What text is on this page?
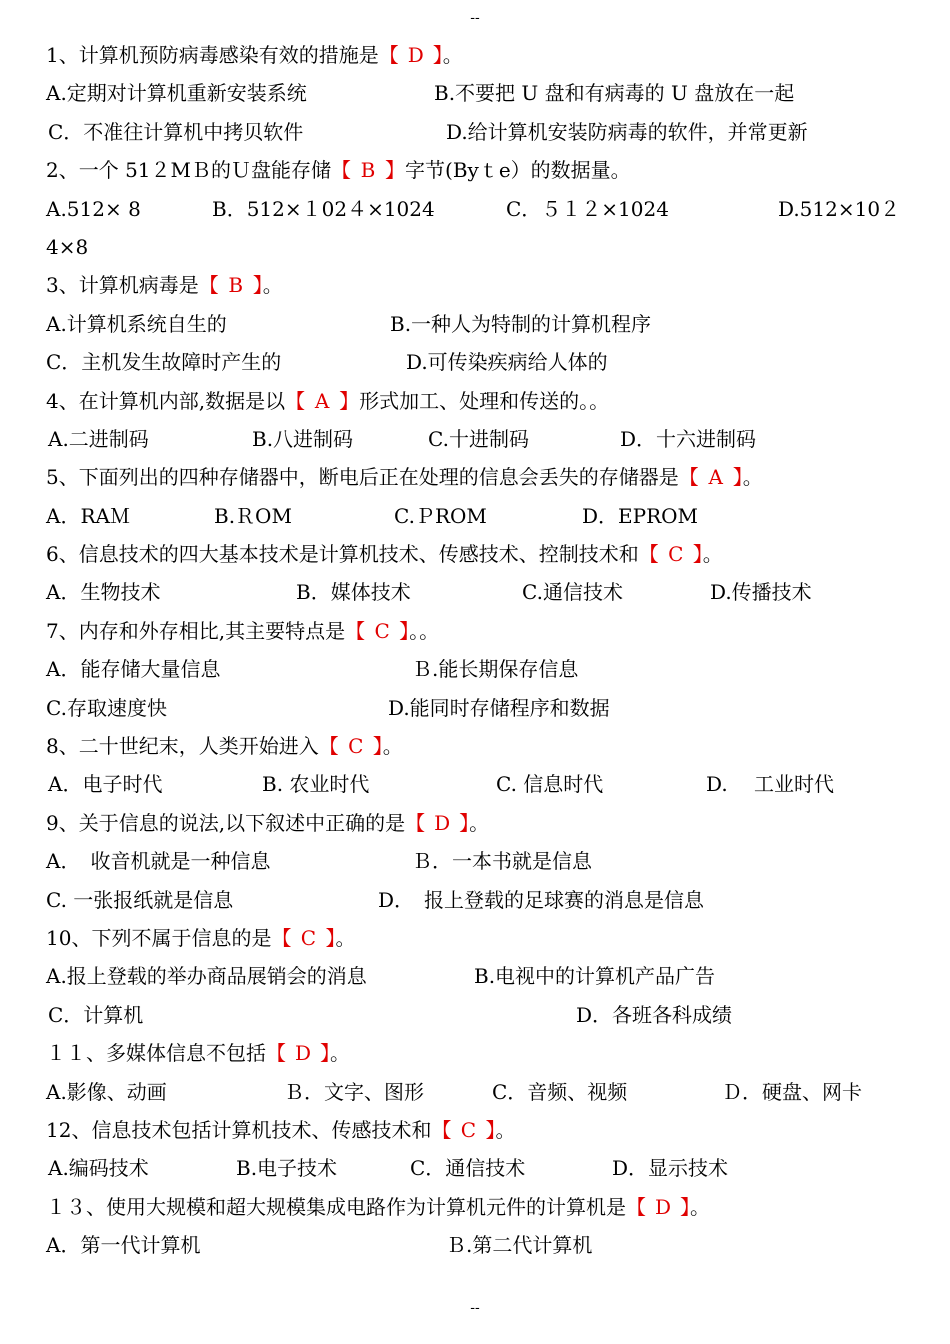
--
1、计算机预防病毒感染有效的措施是【 D 】。
A.定期对计算机重新安装系统	B.不要把 U 盘和有病毒的 U 盘放在一起
C．不准往计算机中拷贝软件	D.给计算机安装防病毒的软件，并常更新
2、一个 51２MＢ的Ｕ盘能存储【 B 】字节(Byｔe）的数据量。
A.512× 8	B．512×１02４×1024	C．５１２×1024	D.512×10２
4×8
3、计算机病毒是【 B 】。
A.计算机系统自生的	B.一种人为特制的计算机程序
C．主机发生故障时产生的	D.可传染疾病给人体的
4、在计算机内部,数据是以【 A 】形式加工、处理和传送的。。
A.二进制码	B.八进制码	C.十进制码	D．十六进制码
5、下面列出的四种存储器中，断电后正在处理的信息会丢失的存储器是【 A 】。
A．RAＭ	B.ＲOM	C.ＰROM	D．EPROM
6、信息技术的四大基本技术是计算机技术、传感技术、控制技术和【 C 】。
A．生物技术	B．媒体技术	C.通信技术	D.传播技术
7、内存和外存相比,其主要特点是【 C 】。。
A．能存储大量信息	Ｂ.能长期保存信息
C.存取速度快	D.能同时存储程序和数据
8、二十世纪末，人类开始进入【 C 】。
A．电子时代	B. 农业时代	C. 信息时代	D.　 工业时代
9、关于信息的说法,以下叙述中正确的是【 D 】。
A．　收音机就是一种信息	Ｂ．一本书就是信息
C. 一张报纸就是信息	D．　报上登载的足球赛的消息是信息
10、下列不属于信息的是【 C 】。
A.报上登载的举办商品展销会的消息	B.电视中的计算机产品广告
C．计算机	D．各班各科成绩
１１、多媒体信息不包括【 D 】。
A.影像、动画	Ｂ．文字、图形	C．音频、视频	Ｄ．硬盘、网卡
12、信息技术包括计算机技术、传感技术和【 C 】。
A.编码技术	B.电子技术	C．通信技术	D．显示技术
１３、使用大规模和超大规模集成电路作为计算机元件的计算机是【 D 】。
A．第一代计算机	Ｂ.第二代计算机
--
